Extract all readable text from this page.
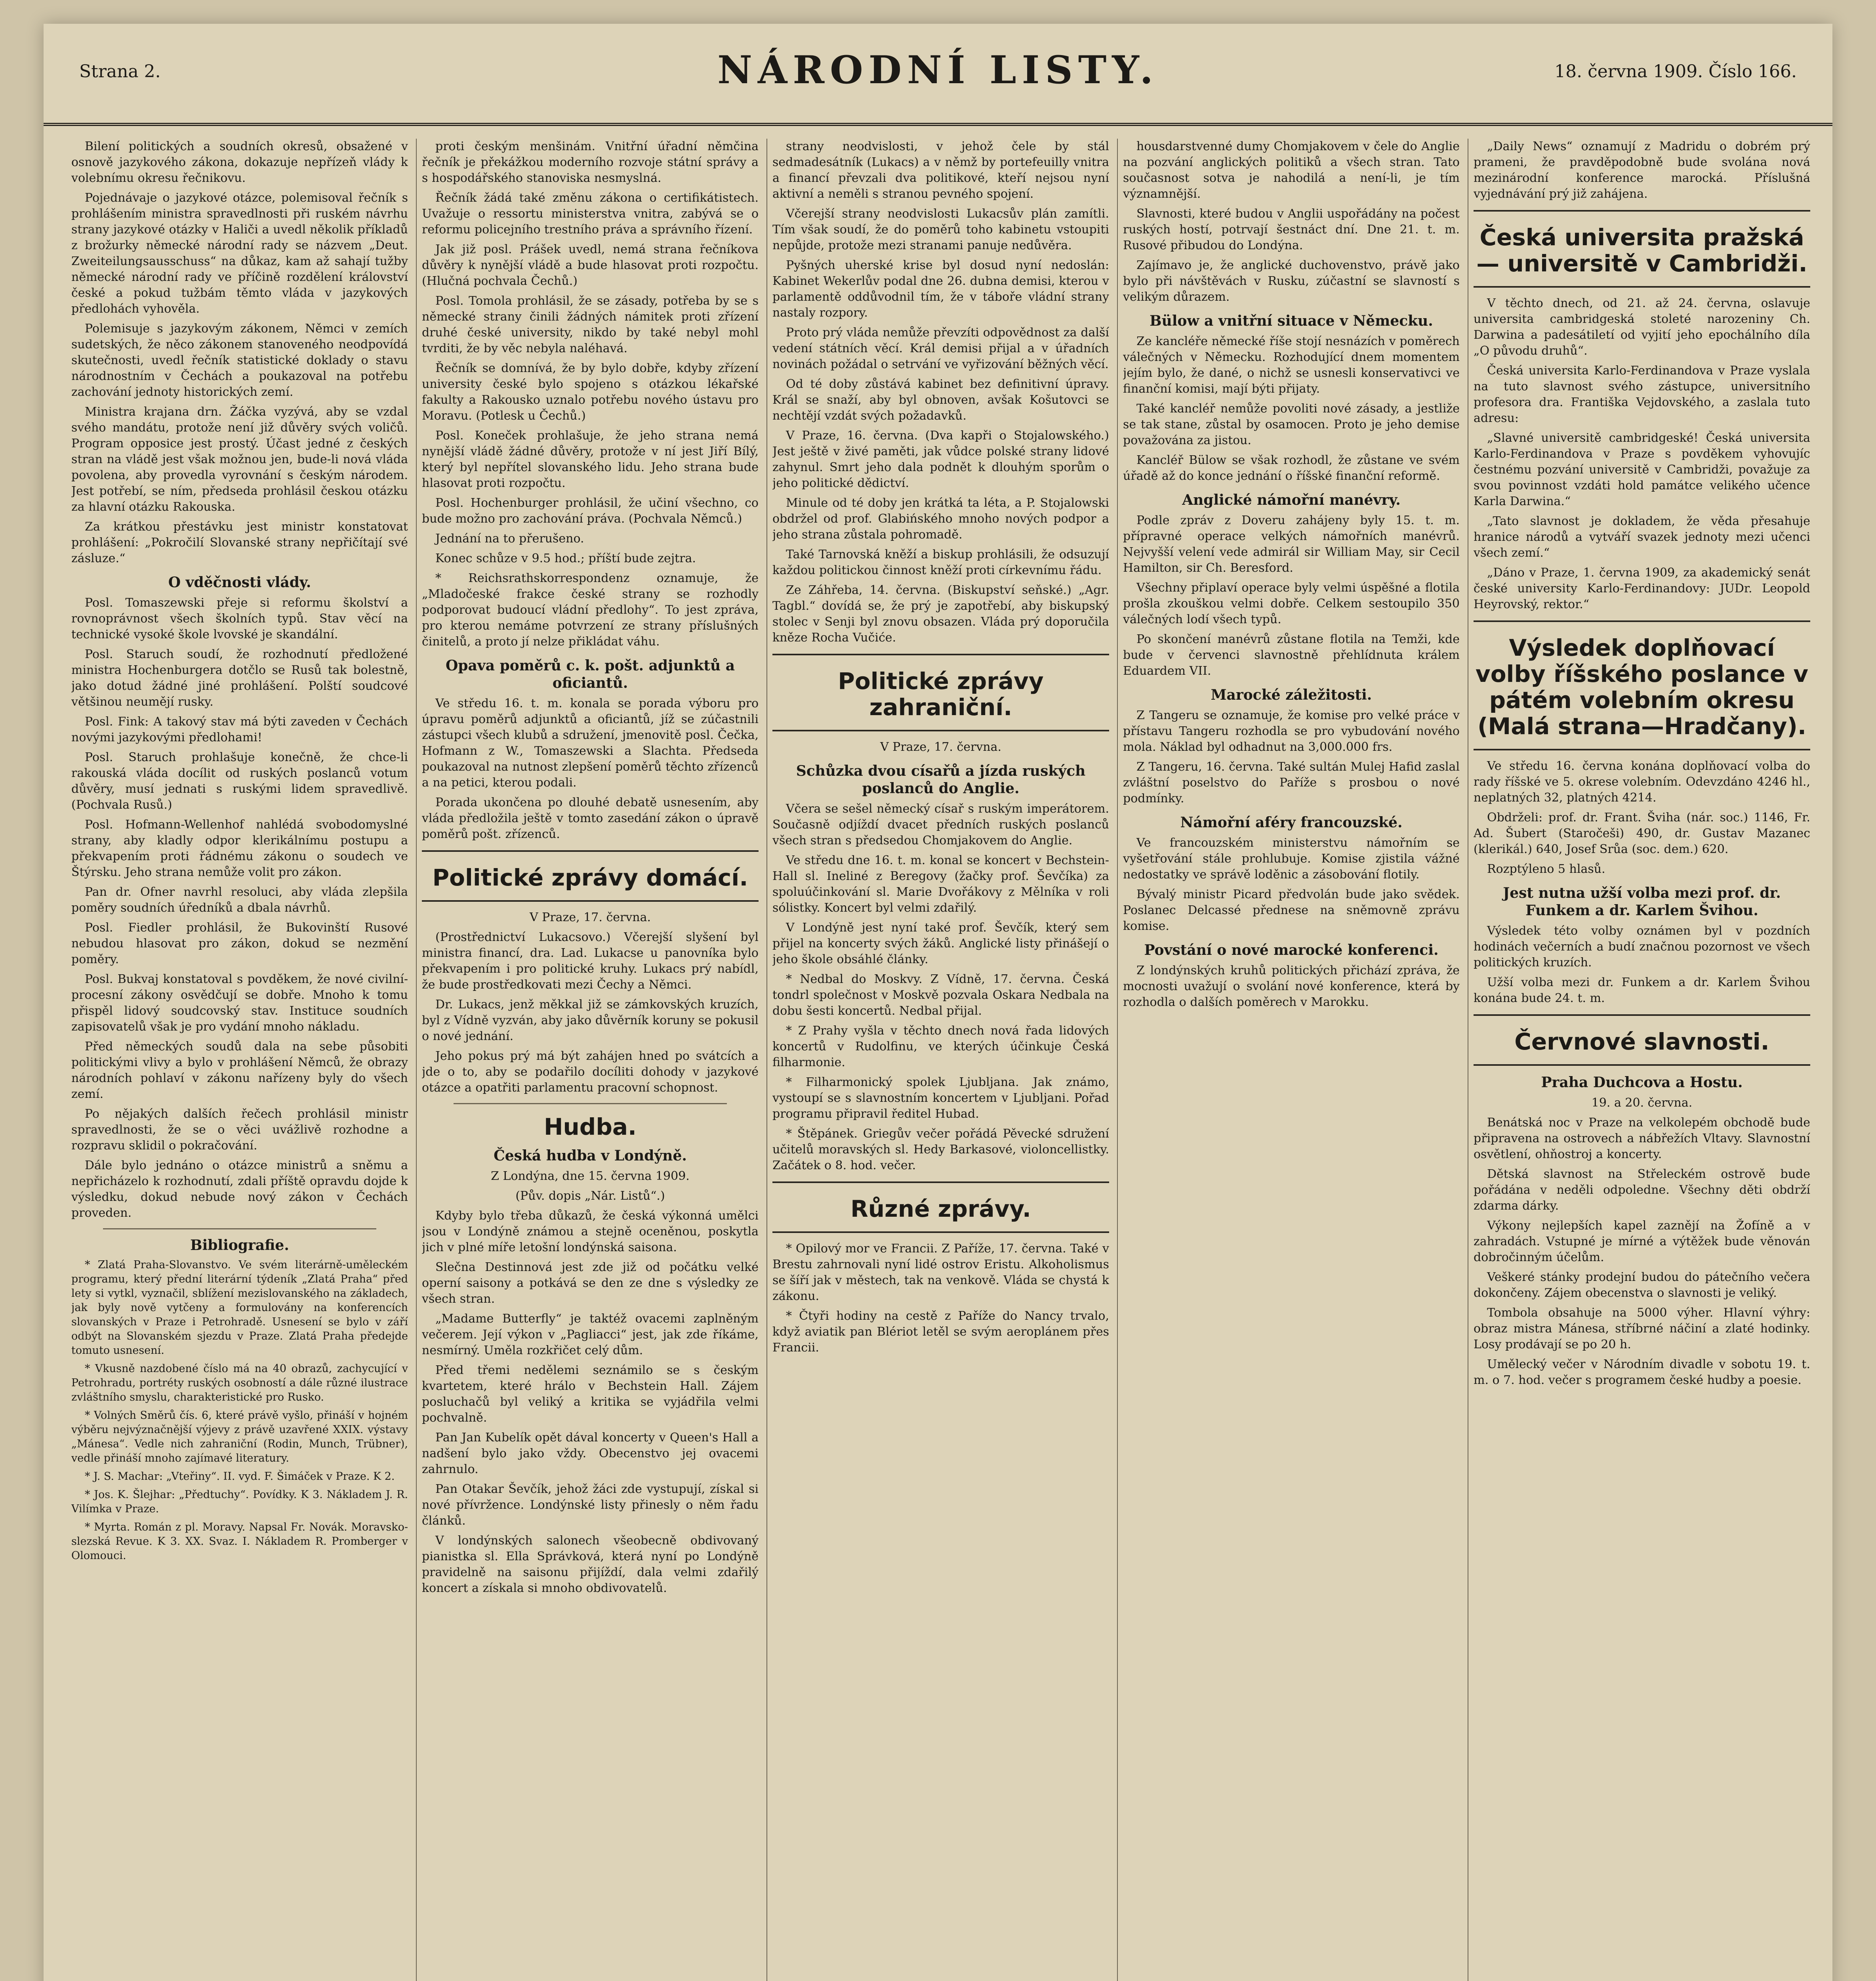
Strana 2.	NÁRODNÍ LISTY.	18. června 1909. Číslo 166.

Bilení politických a soudních okresů, obsažené v osnově jazykového zákona, dokazuje nepřízeň vlády k volebnímu okresu řečnikovu.

Pojednávaje o jazykové otázce, polemisoval řečník s prohlášením ministra spravedlnosti při ruském návrhu strany jazykové otázky v Haliči a uvedl několik příkladů z brožurky německé národní rady se názvem „Deut. Zweiteilungsausschuss“ na důkaz, kam až sahají tužby německé národní rady ve příčině rozdělení království české a pokud tužbám těmto vláda v jazykových předlohách vyhověla.

Polemisuje s jazykovým zákonem, Němci v zemích sudetských, že něco zákonem stanoveného neodpovídá skutečnosti, uvedl řečník statistické doklady o stavu národnostním v Čechách a poukazoval na potřebu zachování jednoty historických zemí.

Ministra krajana drn. Žáčka vyzývá, aby se vzdal svého mandátu, protože není již důvěry svých voličů. Program opposice jest prostý. Účast jedné z českých stran na vládě jest však možnou jen, bude-li nová vláda povolena, aby provedla vyrovnání s českým národem. Jest potřebí, se ním, předseda prohlásil českou otázku za hlavní otázku Rakouska.

Za krátkou přestávku jest ministr konstatovat prohlášení: „Pokročilí Slovanské strany nepřičítají své zásluze.“

O vděčnosti vlády.

Posl. Tomaszewski přeje si reformu školství a rovnoprávnost všech školních typů. Stav věcí na technické vysoké škole lvovské je skandální.

Posl. Staruch soudí, že rozhodnutí předložené ministra Hochenburgera dotčlo se Rusů tak bolestně, jako dotud žádné jiné prohlášení. Polští soudcové většinou neumějí rusky.

Posl. Fink: A takový stav má býti zaveden v Čechách novými jazykovými předlohami!

Posl. Staruch prohlašuje konečně, že chce-li rakouská vláda docílit od ruských poslanců votum důvěry, musí jednati s ruskými lidem spravedlivě. (Pochvala Rusů.)

Posl. Hofmann-Wellenhof nahlédá svobodomyslné strany, aby kladly odpor klerikálnímu postupu a překvapením proti řádnému zákonu o soudech ve Štýrsku. Jeho strana nemůže volit pro zákon.

Pan dr. Ofner navrhl resoluci, aby vláda zlepšila poměry soudních úředníků a dbala návrhů.

Posl. Fiedler prohlásil, že Bukovinští Rusové nebudou hlasovat pro zákon, dokud se nezmění poměry.

Posl. Bukvaj konstatoval s povděkem, že nové civilní-procesní zákony osvědčují se dobře. Mnoho k tomu přispěl lidový soudcovský stav. Instituce soudních zapisovatelů však je pro vydání mnoho nákladu.

Před německých soudů dala na sebe působiti politickými vlivy a bylo v prohlášení Němců, že obrazy národních pohlaví v zákonu nařízeny byly do všech zemí.

Po nějakých dalších řečech prohlásil ministr spravedlnosti, že se o věci uvážlivě rozhodne a rozpravu sklidil o pokračování.

Dále bylo jednáno o otázce ministrů a sněmu a nepřicházelo k rozhodnutí, zdali příště opravdu dojde k výsledku, dokud nebude nový zákon v Čechách proveden.

Bibliografie.

* Zlatá Praha-Slovanstvo. Ve svém literárně-uměleckém programu, který přední literární týdeník „Zlatá Praha“ před lety si vytkl, vyznačil, sblížení mezislovanského na základech, jak byly nově vytčeny a formulovány na konferencích slovanských v Praze i Petrohradě. Usnesení se bylo v září odbýt na Slovanském sjezdu v Praze. Zlatá Praha předejde tomuto usnesení.

* Vkusně nazdobené číslo má na 40 obrazů, zachycující v Petrohradu, portréty ruských osobností a dále různé ilustrace zvláštního smyslu, charakteristické pro Rusko.

* Volných Směrů čís. 6, které právě vyšlo, přináší v hojném výběru nejvýznačnější výjevy z právě uzavřené XXIX. výstavy „Mánesa“. Vedle nich zahraniční (Rodin, Munch, Trübner), vedle přináší mnoho zajímavé literatury.

* J. S. Machar: „Vteřiny“. II. vyd. F. Šimáček v Praze. K 2.

* Jos. K. Šlejhar: „Předtuchy“. Povídky. K 3. Nákladem J. R. Vilímka v Praze.

* Myrta. Román z pl. Moravy. Napsal Fr. Novák. Moravsko-slezská Revue. K 3. XX. Svaz. I. Nákladem R. Promberger v Olomouci.

proti českým menšinám. Vnitřní úřadní němčina řečník je překážkou moderního rozvoje státní správy a s hospodářského stanoviska nesmyslná.

Řečník žádá také změnu zákona o certifikátistech. Uvažuje o ressortu ministerstva vnitra, zabývá se o reformu policejního trestního práva a správního řízení.

Jak již posl. Prášek uvedl, nemá strana řečníkova důvěry k nynější vládě a bude hlasovat proti rozpočtu. (Hlučná pochvala Čechů.)

Posl. Tomola prohlásil, že se zásady, potřeba by se s německé strany činili žádných námitek proti zřízení druhé české university, nikdo by také nebyl mohl tvrditi, že by věc nebyla naléhavá.

Řečník se domnívá, že by bylo dobře, kdyby zřízení university české bylo spojeno s otázkou lékařské fakulty a Rakousko uznalo potřebu nového ústavu pro Moravu. (Potlesk u Čechů.)

Posl. Koneček prohlašuje, že jeho strana nemá nynější vládě žádné důvěry, protože v ní jest Jiří Bílý, který byl nepřítel slovanského lidu. Jeho strana bude hlasovat proti rozpočtu.

Posl. Hochenburger prohlásil, že učiní všechno, co bude možno pro zachování práva. (Pochvala Němců.)

Jednání na to přerušeno.

Konec schůze v 9.5 hod.; příští bude zejtra.

* Reichsrathskorrespondenz oznamuje, že „Mladočeské frakce české strany se rozhodly podporovat budoucí vládní předlohy“. To jest zpráva, pro kterou nemáme potvrzení ze strany příslušných činitelů, a proto jí nelze přikládat váhu.

Opava poměrů c. k. pošt. adjunktů a oficiantů.

Ve středu 16. t. m. konala se porada výboru pro úpravu poměrů adjunktů a oficiantů, jíž se zúčastnili zástupci všech klubů a sdružení, jmenovitě posl. Čečka, Hofmann z W., Tomaszewski a Slachta. Předseda poukazoval na nutnost zlepšení poměrů těchto zřízenců a na petici, kterou podali.

Porada ukončena po dlouhé debatě usnesením, aby vláda předložila ještě v tomto zasedání zákon o úpravě poměrů pošt. zřízenců.

Politické zprávy domácí.
V Praze, 17. června.

(Prostřednictví Lukacsovo.) Včerejší slyšení byl ministra financí, dra. Lad. Lukacse u panovníka bylo překvapením i pro politické kruhy. Lukacs prý nabídl, že bude prostředkovati mezi Čechy a Němci.

Dr. Lukacs, jenž měkkal již se zámkovských kruzích, byl z Vídně vyzván, aby jako důvěrník koruny se pokusil o nové jednání.

Jeho pokus prý má být zahájen hned po svátcích a jde o to, aby se podařilo docíliti dohody v jazykové otázce a opatřiti parlamentu pracovní schopnost.

Hudba.
Česká hudba v Londýně.
Z Londýna, dne 15. června 1909.
(Pův. dopis „Nár. Listů“.)

Kdyby bylo třeba důkazů, že česká výkonná umělci jsou v Londýně známou a stejně oceněnou, poskytla jich v plné míře letošní londýnská saisona.

Slečna Destinnová jest zde již od počátku velké operní saisony a potkává se den ze dne s výsledky ze všech stran.

„Madame Butterfly“ je taktéž ovacemi zaplněným večerem. Její výkon v „Pagliacci“ jest, jak zde říkáme, nesmírný. Uměla rozkřičet celý dům.

Před třemi nedělemi seznámilo se s českým kvartetem, které hrálo v Bechstein Hall. Zájem posluchačů byl veliký a kritika se vyjádřila velmi pochvalně.

Pan Jan Kubelík opět dával koncerty v Queen's Hall a nadšení bylo jako vždy. Obecenstvo jej ovacemi zahrnulo.

Pan Otakar Ševčík, jehož žáci zde vystupují, získal si nové přívržence. Londýnské listy přinesly o něm řadu článků.

V londýnských salonech všeobecně obdivovaný pianistka sl. Ella Správková, která nyní po Londýně pravidelně na saisonu přijíždí, dala velmi zdařilý koncert a získala si mnoho obdivovatelů.

strany neodvislosti, v jehož čele by stál sedmadesátník (Lukacs) a v němž by portefeuilly vnitra a financí převzali dva politikové, kteří nejsou nyní aktivní a neměli s stranou pevného spojení.

Včerejší strany neodvislosti Lukacsův plán zamítli. Tím však soudí, že do poměrů toho kabinetu vstoupiti nepůjde, protože mezi stranami panuje nedůvěra.

Pyšných uherské krise byl dosud nyní nedoslán: Kabinet Wekerlův podal dne 26. dubna demisi, kterou v parlamentě oddůvodnil tím, že v táboře vládní strany nastaly rozpory.

Proto prý vláda nemůže převzíti odpovědnost za další vedení státních věcí. Král demisi přijal a v úřadních novinách požádal o setrvání ve vyřizování běžných věcí.

Od té doby zůstává kabinet bez definitivní úpravy. Král se snaží, aby byl obnoven, avšak Košutovci se nechtějí vzdát svých požadavků.

V Praze, 16. června. (Dva kapři o Stojalowského.) Jest ještě v živé paměti, jak vůdce polské strany lidové zahynul. Smrt jeho dala podnět k dlouhým sporům o jeho politické dědictví.

Minule od té doby jen krátká ta léta, a P. Stojalowski obdržel od prof. Glabińského mnoho nových podpor a jeho strana zůstala pohromadě.

Také Tarnovská kněží a biskup prohlásili, že odsuzují každou politickou činnost kněží proti církevnímu řádu.

Ze Záhřeba, 14. června. (Biskupství seňské.) „Agr. Tagbl.“ dovídá se, že prý je zapotřebí, aby biskupský stolec v Senji byl znovu obsazen. Vláda prý doporučila kněze Rocha Vučiće.

Politické zprávy zahraniční.
V Praze, 17. června.
Schůzka dvou císařů a jízda ruských poslanců do Anglie.

Včera se sešel německý císař s ruským imperátorem. Současně odjíždí dvacet předních ruských poslanců všech stran s předsedou Chomjakovem do Anglie.

Ve středu dne 16. t. m. konal se koncert v Bechstein-Hall sl. Ineliné z Beregovy (žačky prof. Ševčíka) za spoluúčinkování sl. Marie Dvořákovy z Mělníka v roli sólistky. Koncert byl velmi zdařilý.

V Londýně jest nyní také prof. Ševčík, který sem přijel na koncerty svých žáků. Anglické listy přinášejí o jeho škole obsáhlé články.

* Nedbal do Moskvy. Z Vídně, 17. června. Česká tondrl společnost v Moskvě pozvala Oskara Nedbala na dobu šesti koncertů. Nedbal přijal.

* Z Prahy vyšla v těchto dnech nová řada lidových koncertů v Rudolfinu, ve kterých účinkuje Česká filharmonie.

* Filharmonický spolek Ljubljana. Jak známo, vystoupí se s slavnostním koncertem v Ljubljani. Pořad programu připravil ředitel Hubad.

* Štěpánek. Griegův večer pořádá Pěvecké sdružení učitelů moravských sl. Hedy Barkasové, violoncellistky. Začátek o 8. hod. večer.

Různé zprávy.

* Opilový mor ve Francii. Z Paříže, 17. června. Také v Brestu zahrnovali nyní lidé ostrov Eristu. Alkoholismus se šíří jak v městech, tak na venkově. Vláda se chystá k zákonu.

* Čtyři hodiny na cestě z Paříže do Nancy trvalo, když aviatik pan Blériot letěl se svým aeroplánem přes Francii.

housdarstvenné dumy Chomjakovem v čele do Anglie na pozvání anglických politiků a všech stran. Tato současnost sotva je nahodilá a není-li, je tím významnější.

Slavnosti, které budou v Anglii uspořádány na počest ruských hostí, potrvají šestnáct dní. Dne 21. t. m. Rusové přibudou do Londýna.

Zajímavo je, že anglické duchovenstvo, právě jako bylo při návštěvách v Rusku, zúčastní se slavností s velikým důrazem.

Bülow a vnitřní situace v Německu.

Ze kancléře německé říše stojí nesnázích v poměrech válečných v Německu. Rozhodující dnem momentem jejím bylo, že dané, o nichž se usnesli konservativci ve finanční komisi, mají býti přijaty.

Také kancléř nemůže povoliti nové zásady, a jestliže se tak stane, zůstal by osamocen. Proto je jeho demise považována za jistou.

Kancléř Bülow se však rozhodl, že zůstane ve svém úřadě až do konce jednání o říšské finanční reformě.

Anglické námořní manévry.

Podle zpráv z Doveru zahájeny byly 15. t. m. přípravné operace velkých námořních manévrů. Nejvyšší velení vede admirál sir William May, sir Cecil Hamilton, sir Ch. Beresford.

Všechny připlaví operace byly velmi úspěšné a flotila prošla zkouškou velmi dobře. Celkem sestoupilo 350 válečných lodí všech typů.

Po skončení manévrů zůstane flotila na Temži, kde bude v červenci slavnostně přehlídnuta králem Eduardem VII.

Marocké záležitosti.

Z Tangeru se oznamuje, že komise pro velké práce v přístavu Tangeru rozhodla se pro vybudování nového mola. Náklad byl odhadnut na 3,000.000 frs.

Z Tangeru, 16. června. Také sultán Mulej Hafid zaslal zvláštní poselstvo do Paříže s prosbou o nové podmínky.

Námořní aféry francouzské.

Ve francouzském ministerstvu námořním se vyšetřování stále prohlubuje. Komise zjistila vážné nedostatky ve správě loděnic a zásobování flotily.

Bývalý ministr Picard předvolán bude jako svědek. Poslanec Delcassé přednese na sněmovně zprávu komise.

Povstání o nové marocké konferenci.

Z londýnských kruhů politických přichází zpráva, že mocnosti uvažují o svolání nové konference, která by rozhodla o dalších poměrech v Marokku.

„Daily News“ oznamují z Madridu o dobrém prý prameni, že pravděpodobně bude svolána nová mezinárodní konference marocká. Příslušná vyjednávání prý již zahájena.

Česká universita pražská — universitě v Cambridži.

V těchto dnech, od 21. až 24. června, oslavuje universita cambridgeská stoleté narozeniny Ch. Darwina a padesátiletí od vyjití jeho epochálního díla „O původu druhů“.

Česká universita Karlo-Ferdinandova v Praze vyslala na tuto slavnost svého zástupce, universitního profesora dra. Františka Vejdovského, a zaslala tuto adresu:

„Slavné universitě cambridgeské! Česká universita Karlo-Ferdinandova v Praze s povděkem vyhovujíc čestnému pozvání universitě v Cambridži, považuje za svou povinnost vzdáti hold památce velikého učence Karla Darwina.“

„Tato slavnost je dokladem, že věda přesahuje hranice národů a vytváří svazek jednoty mezi učenci všech zemí.“

„Dáno v Praze, 1. června 1909, za akademický senát české university Karlo-Ferdinandovy: JUDr. Leopold Heyrovský, rektor.“

Výsledek doplňovací volby říšského poslance v pátém volebním okresu (Malá strana—Hradčany).

Ve středu 16. června konána doplňovací volba do rady říšské ve 5. okrese volebním. Odevzdáno 4246 hl., neplatných 32, platných 4214.

Obdrželi: prof. dr. Frant. Šviha (nár. soc.) 1146, Fr. Ad. Šubert (Staročeši) 490, dr. Gustav Mazanec (klerikál.) 640, Josef Srůa (soc. dem.) 620.

Rozptýleno 5 hlasů.

Jest nutna užší volba mezi prof. dr. Funkem a dr. Karlem Švihou.

Výsledek této volby oznámen byl v pozdních hodinách večerních a budí značnou pozornost ve všech politických kruzích.

Užší volba mezi dr. Funkem a dr. Karlem Švihou konána bude 24. t. m.

Červnové slavnosti.
Praha Duchcova a Hostu.
19. a 20. června.

Benátská noc v Praze na velkolepém obchodě bude připravena na ostrovech a nábřežích Vltavy. Slavnostní osvětlení, ohňostroj a koncerty.

Dětská slavnost na Střeleckém ostrově bude pořádána v neděli odpoledne. Všechny děti obdrží zdarma dárky.

Výkony nejlepších kapel zaznějí na Žofíně a v zahradách. Vstupné je mírné a výtěžek bude věnován dobročinným účelům.

Veškeré stánky prodejní budou do pátečního večera dokončeny. Zájem obecenstva o slavnosti je veliký.

Tombola obsahuje na 5000 výher. Hlavní výhry: obraz mistra Mánesa, stříbrné náčiní a zlaté hodinky. Losy prodávají se po 20 h.

Umělecký večer v Národním divadle v sobotu 19. t. m. o 7. hod. večer s programem české hudby a poesie.
